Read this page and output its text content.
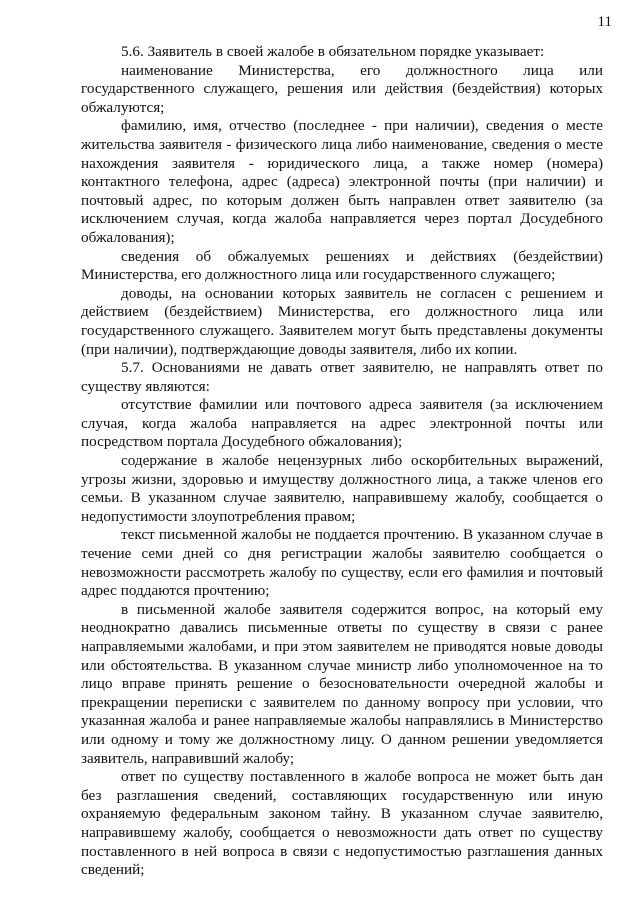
11

5.6. Заявитель в своей жалобе в обязательном порядке указывает:

наименование Министерства, его должностного лица или государственного служащего, решения или действия (бездействия) которых обжалуются;

фамилию, имя, отчество (последнее - при наличии), сведения о месте жительства заявителя - физического лица либо наименование, сведения о месте нахождения заявителя - юридического лица, а также номер (номера) контактного телефона, адрес (адреса) электронной почты (при наличии) и почтовый адрес, по которым должен быть направлен ответ заявителю (за исключением случая, когда жалоба направляется через портал Досудебного обжалования);

сведения об обжалуемых решениях и действиях (бездействии) Министерства, его должностного лица или государственного служащего;

доводы, на основании которых заявитель не согласен с решением и действием (бездействием) Министерства, его должностного лица или государственного служащего. Заявителем могут быть представлены документы (при наличии), подтверждающие доводы заявителя, либо их копии.

5.7. Основаниями не давать ответ заявителю, не направлять ответ по существу являются:

отсутствие фамилии или почтового адреса заявителя (за исключением случая, когда жалоба направляется на адрес электронной почты или посредством портала Досудебного обжалования);

содержание в жалобе нецензурных либо оскорбительных выражений, угрозы жизни, здоровью и имуществу должностного лица, а также членов его семьи. В указанном случае заявителю, направившему жалобу, сообщается о недопустимости злоупотребления правом;

текст письменной жалобы не поддается прочтению. В указанном случае в течение семи дней со дня регистрации жалобы заявителю сообщается о невозможности рассмотреть жалобу по существу, если его фамилия и почтовый адрес поддаются прочтению;

в письменной жалобе заявителя содержится вопрос, на который ему неоднократно давались письменные ответы по существу в связи с ранее направляемыми жалобами, и при этом заявителем не приводятся новые доводы или обстоятельства. В указанном случае министр либо уполномоченное на то лицо вправе принять решение о безосновательности очередной жалобы и прекращении переписки с заявителем по данному вопросу при условии, что указанная жалоба и ранее направляемые жалобы направлялись в Министерство или одному и тому же должностному лицу. О данном решении уведомляется заявитель, направивший жалобу;

ответ по существу поставленного в жалобе вопроса не может быть дан без разглашения сведений, составляющих государственную или иную охраняемую федеральным законом тайну. В указанном случае заявителю, направившему жалобу, сообщается о невозможности дать ответ по существу поставленного в ней вопроса в связи с недопустимостью разглашения данных сведений;
